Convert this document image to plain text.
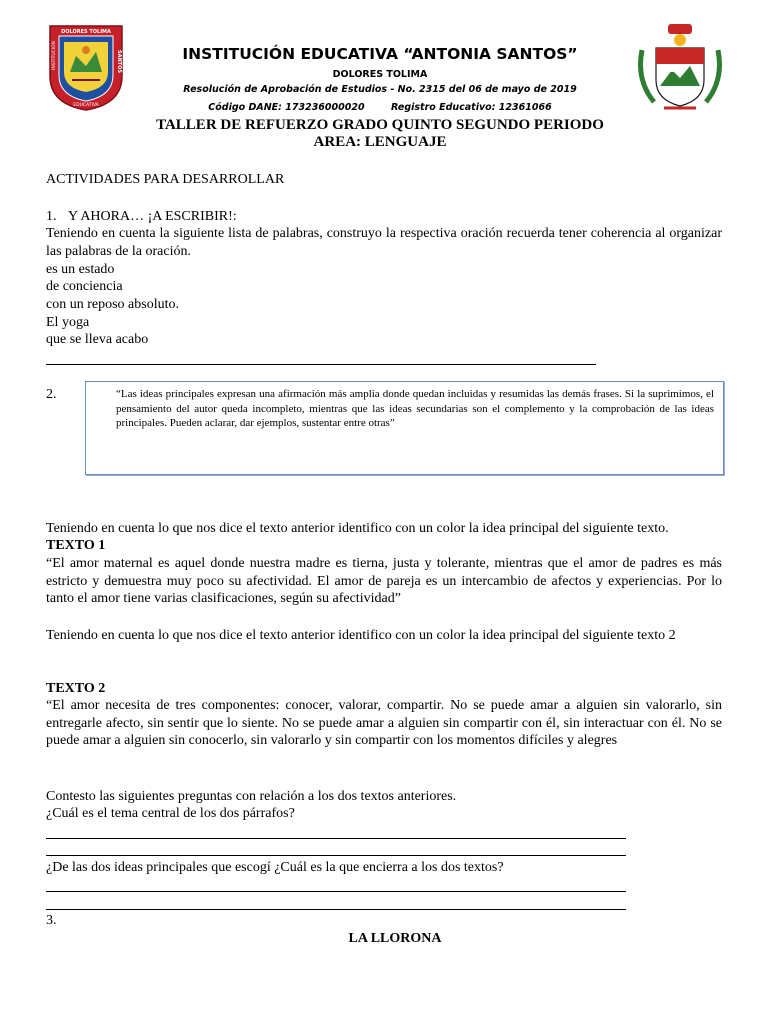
DOLORES TOLIMA
INSTITUCIÓN	SANTOS
EDUCATIVA
INSTITUCIÓN EDUCATIVA “ANTONIA SANTOS”
DOLORES TOLIMA
Resolución de Aprobación de Estudios - No. 2315 del 06 de mayo de 2019
Código DANE: 173236000020        Registro Educativo: 12361066
TALLER DE REFUERZO GRADO QUINTO SEGUNDO PERIODO
AREA: LENGUAJE
ACTIVIDADES PARA DESARROLLAR
1. Y AHORA… ¡A ESCRIBIR!:
Teniendo en cuenta la siguiente lista de palabras, construyo la respectiva oración recuerda tener coherencia al organizar las palabras de la oración.
es un estado
de conciencia
con un reposo absoluto.
El yoga
que se lleva acabo
2.	“Las ideas principales expresan una afirmación más amplia donde quedan incluidas y resumidas las demás frases. Si la suprimimos, el pensamiento del autor queda incompleto, mientras que las ideas secundarias son el complemento y la comprobación de las ideas principales. Pueden aclarar, dar ejemplos, sustentar entre otras”
Teniendo en cuenta lo que nos dice el texto anterior identifico con un color la idea principal del siguiente texto.
TEXTO 1
“El amor maternal es aquel donde nuestra madre es tierna, justa y tolerante, mientras que el amor de padres es más estricto y demuestra muy poco su afectividad. El amor de pareja es un intercambio de afectos y experiencias. Por lo tanto el amor tiene varias clasificaciones, según su afectividad”
Teniendo en cuenta lo que nos dice el texto anterior identifico con un color la idea principal del siguiente texto 2
TEXTO 2
“El amor necesita de tres componentes: conocer, valorar, compartir. No se puede amar a alguien sin valorarlo, sin entregarle afecto, sin sentir que lo siente. No se puede amar a alguien sin compartir con él, sin interactuar con él. No se puede amar a alguien sin conocerlo, sin valorarlo y sin compartir con los momentos difíciles y alegres
Contesto las siguientes preguntas con relación a los dos textos anteriores.
¿Cuál es el tema central de los dos párrafos?
¿De las dos ideas principales que escogí ¿Cuál es la que encierra a los dos textos?
3.
LA LLORONA
